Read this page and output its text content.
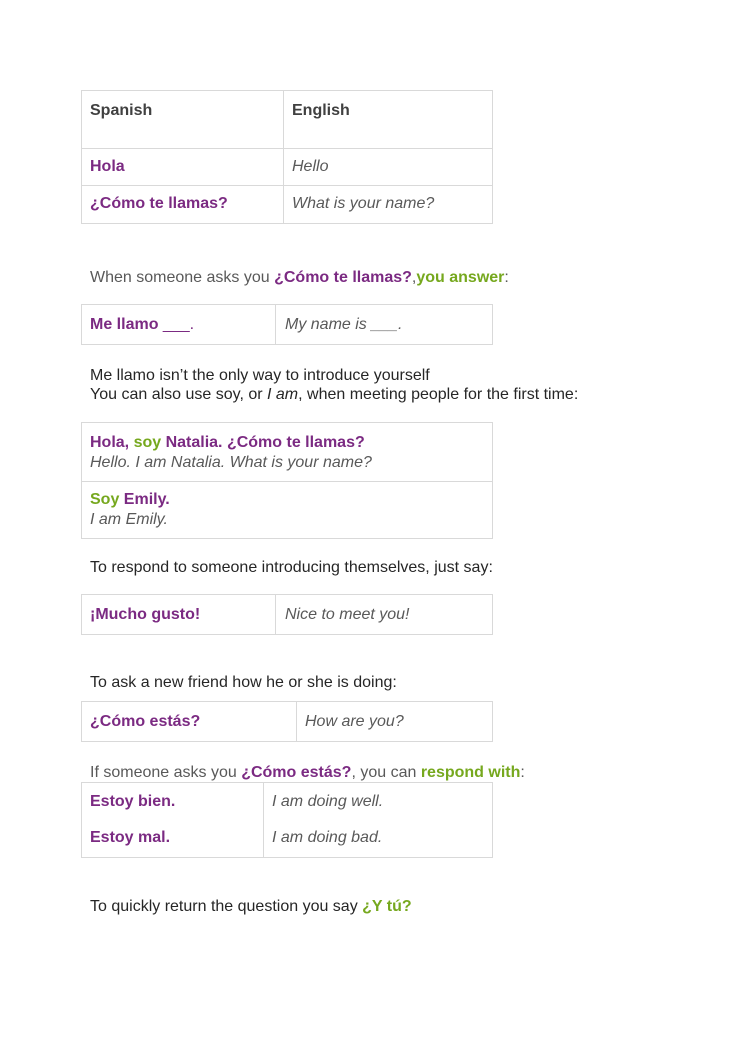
Spanish	English
Hola	Hello
¿Cómo te llamas?	What is your name?
When someone asks you ¿Cómo te llamas?,you answer:
Me llamo ___.	My name is ___.
Me llamo isn’t the only way to introduce yourself
You can also use soy, or I am, when meeting people for the first time:
Hola, soy Natalia. ¿Cómo te llamas?
Hello. I am Natalia. What is your name?
Soy Emily.
I am Emily.
To respond to someone introducing themselves, just say:
¡Mucho gusto!	Nice to meet you!
To ask a new friend how he or she is doing:
¿Cómo estás?	How are you?
If someone asks you ¿Cómo estás?, you can respond with:
Estoy bien.	I am doing well.
Estoy mal.	I am doing bad.
To quickly return the question you say ¿Y tú?
